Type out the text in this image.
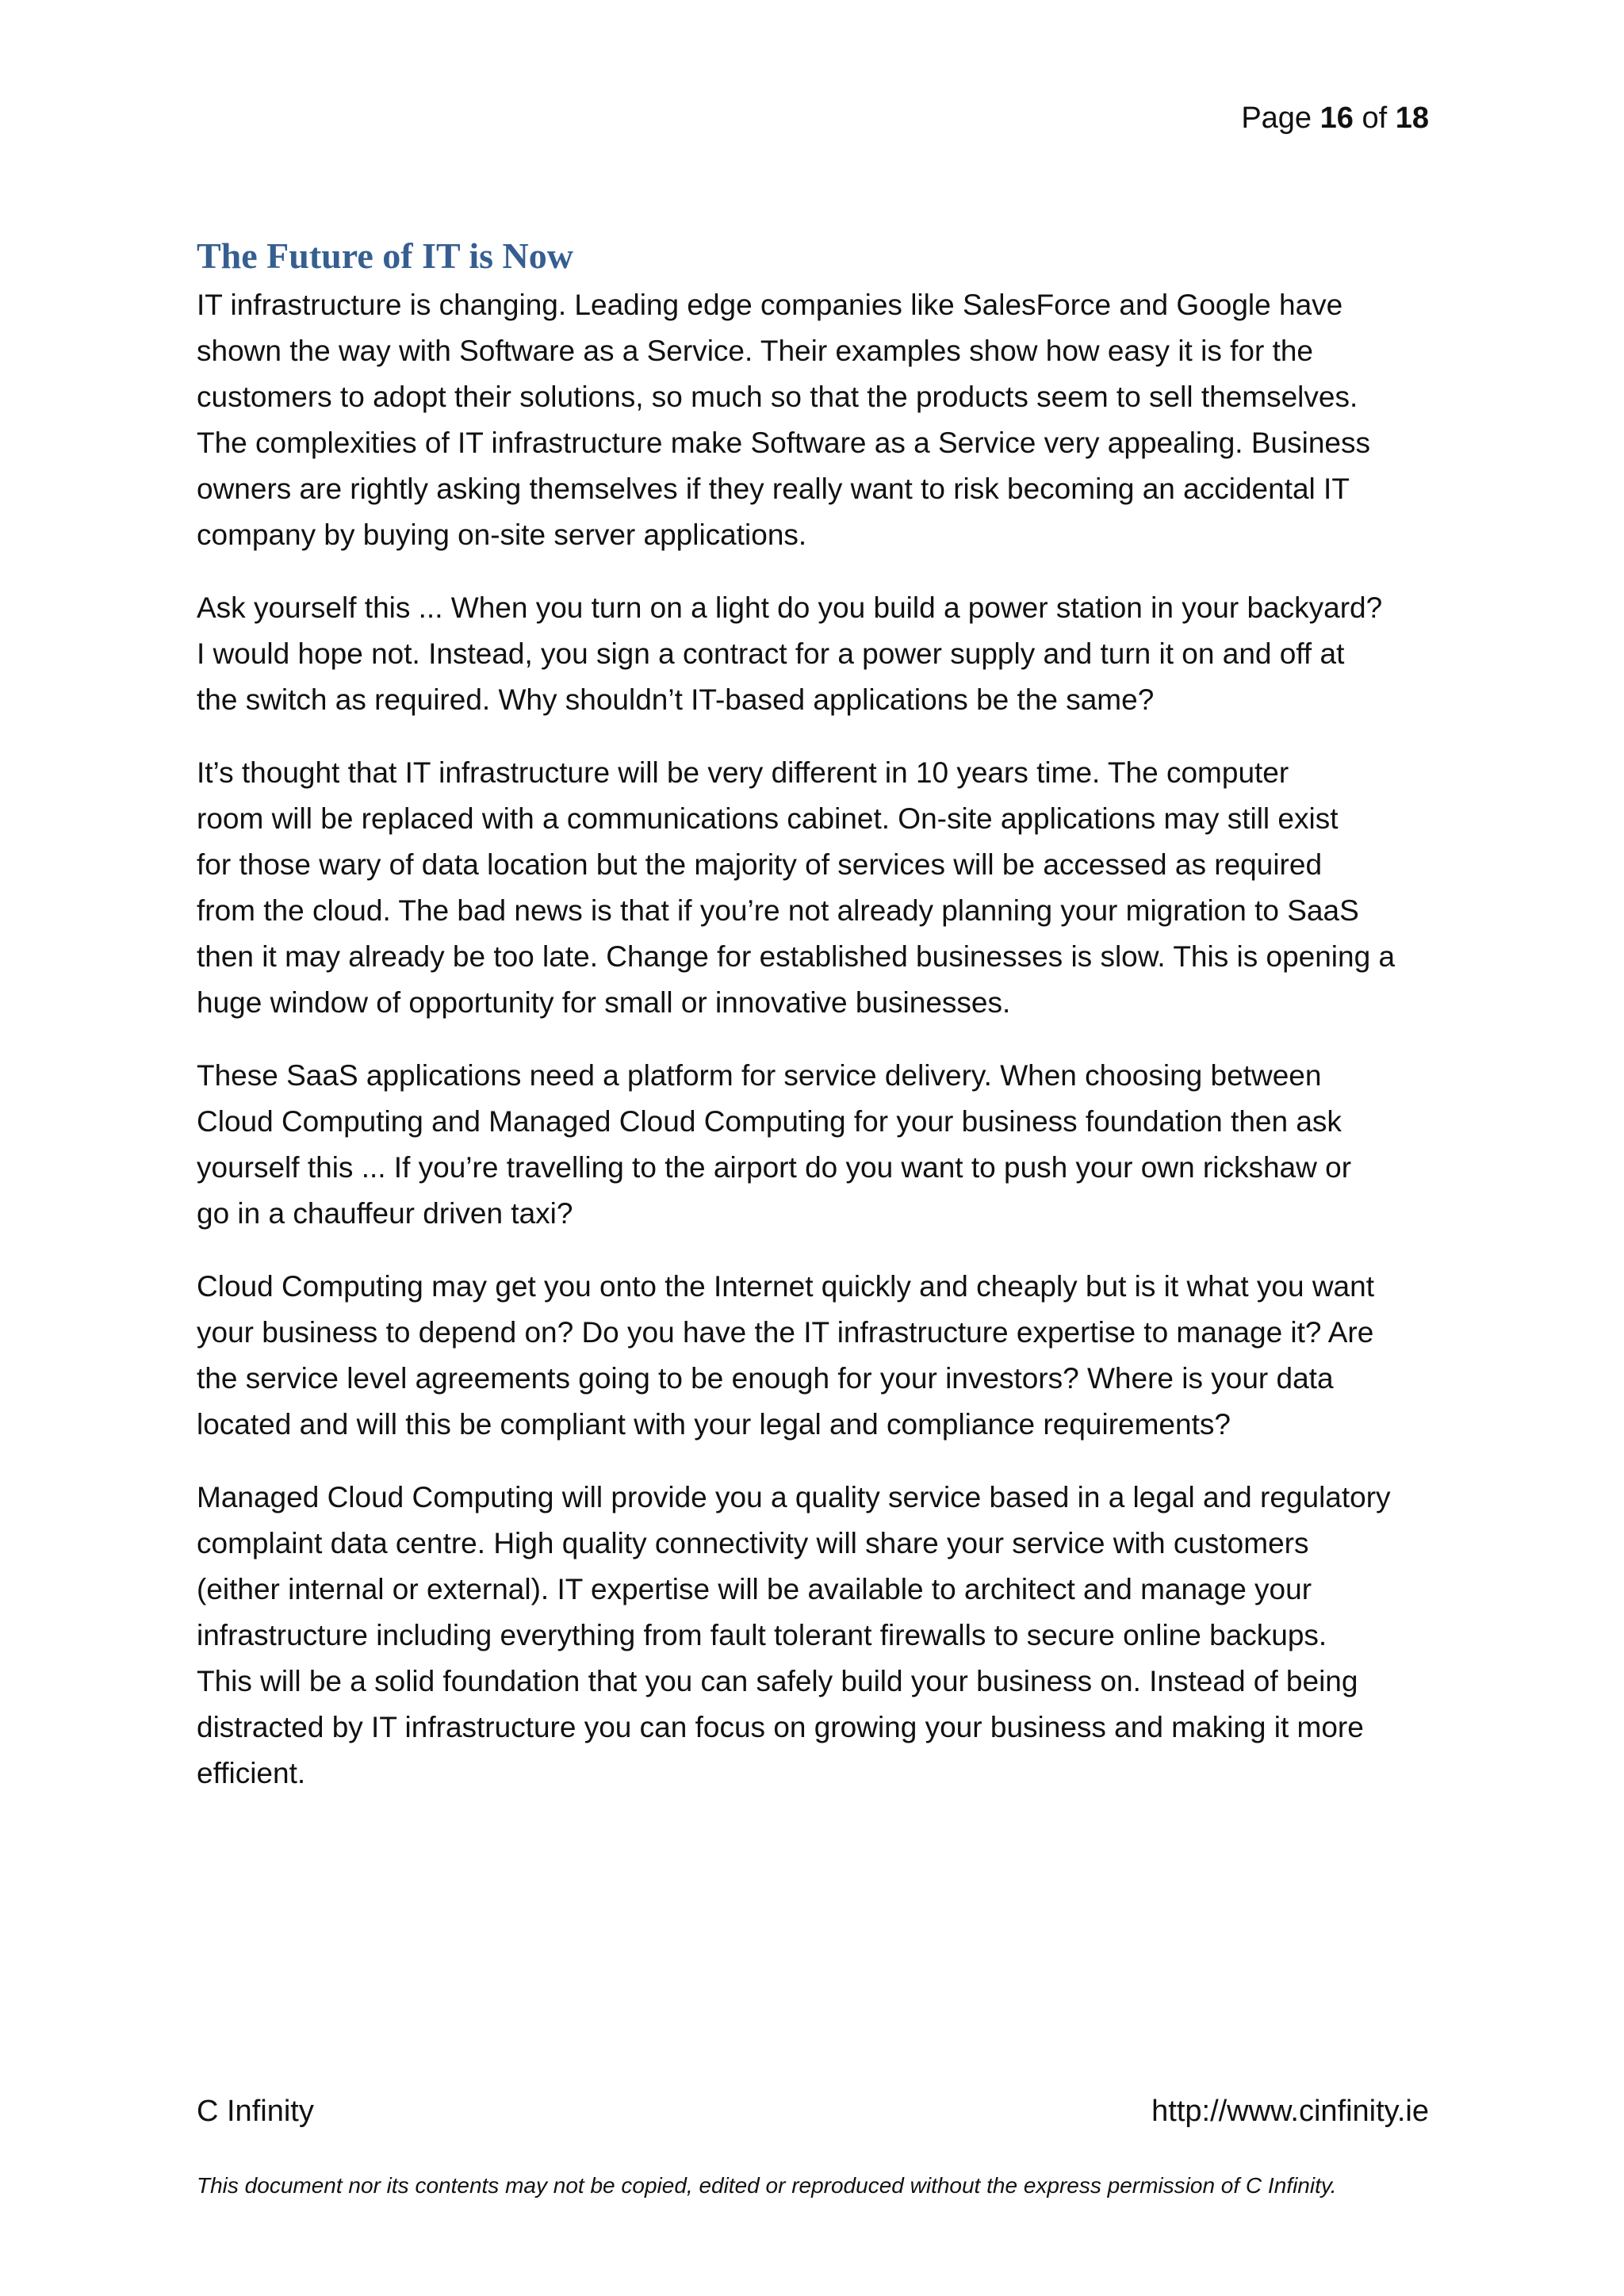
Page 16 of 18
The Future of IT is Now

IT infrastructure is changing. Leading edge companies like SalesForce and Google have
shown the way with Software as a Service. Their examples show how easy it is for the
customers to adopt their solutions, so much so that the products seem to sell themselves.
The complexities of IT infrastructure make Software as a Service very appealing. Business
owners are rightly asking themselves if they really want to risk becoming an accidental IT
company by buying on-site server applications.

Ask yourself this ... When you turn on a light do you build a power station in your backyard?
I would hope not. Instead, you sign a contract for a power supply and turn it on and off at
the switch as required. Why shouldn’t IT-based applications be the same?

It’s thought that IT infrastructure will be very different in 10 years time. The computer
room will be replaced with a communications cabinet. On-site applications may still exist
for those wary of data location but the majority of services will be accessed as required
from the cloud. The bad news is that if you’re not already planning your migration to SaaS
then it may already be too late. Change for established businesses is slow. This is opening a
huge window of opportunity for small or innovative businesses.

These SaaS applications need a platform for service delivery. When choosing between
Cloud Computing and Managed Cloud Computing for your business foundation then ask
yourself this ... If you’re travelling to the airport do you want to push your own rickshaw or
go in a chauffeur driven taxi?

Cloud Computing may get you onto the Internet quickly and cheaply but is it what you want
your business to depend on? Do you have the IT infrastructure expertise to manage it? Are
the service level agreements going to be enough for your investors? Where is your data
located and will this be compliant with your legal and compliance requirements?

Managed Cloud Computing will provide you a quality service based in a legal and regulatory
complaint data centre. High quality connectivity will share your service with customers
(either internal or external). IT expertise will be available to architect and manage your
infrastructure including everything from fault tolerant firewalls to secure online backups.
This will be a solid foundation that you can safely build your business on. Instead of being
distracted by IT infrastructure you can focus on growing your business and making it more
efficient.

C Infinity	http://www.cinfinity.ie
This document nor its contents may not be copied, edited or reproduced without the express permission of C Infinity.
